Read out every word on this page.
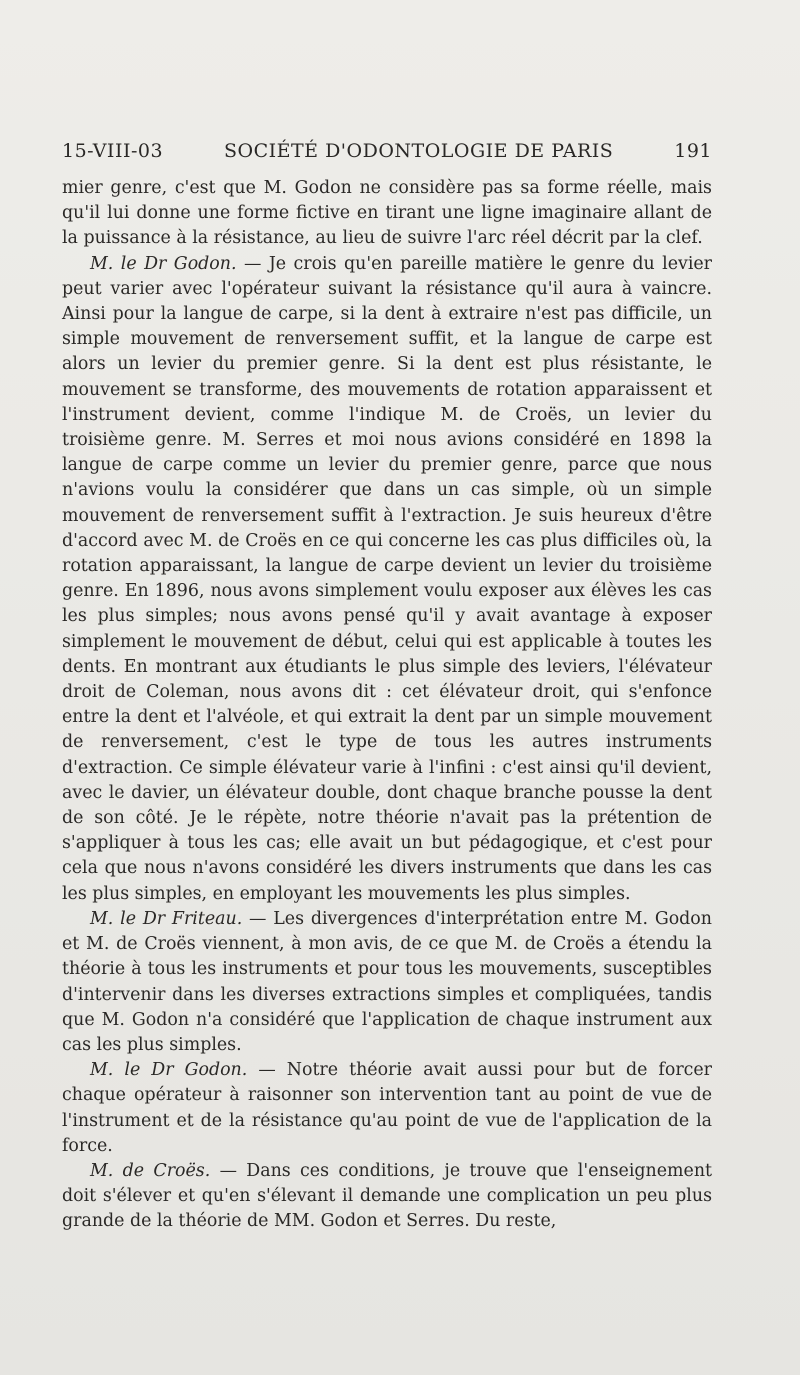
15-VIII-03	SOCIÉTÉ D'ODONTOLOGIE DE PARIS	191

mier genre, c'est que M. Godon ne considère pas sa forme réelle, mais qu'il lui donne une forme fictive en tirant une ligne imaginaire allant de la puissance à la résistance, au lieu de suivre l'arc réel décrit par la clef.

M. le Dr Godon. — Je crois qu'en pareille matière le genre du levier peut varier avec l'opérateur suivant la résistance qu'il aura à vaincre. Ainsi pour la langue de carpe, si la dent à extraire n'est pas difficile, un simple mouvement de renversement suffit, et la langue de carpe est alors un levier du premier genre. Si la dent est plus résistante, le mouvement se transforme, des mouvements de rotation apparaissent et l'instrument devient, comme l'indique M. de Croës, un levier du troisième genre. M. Serres et moi nous avions considéré en 1898 la langue de carpe comme un levier du premier genre, parce que nous n'avions voulu la considérer que dans un cas simple, où un simple mouvement de renversement suffit à l'extraction. Je suis heureux d'être d'accord avec M. de Croës en ce qui concerne les cas plus difficiles où, la rotation apparaissant, la langue de carpe devient un levier du troisième genre. En 1896, nous avons simplement voulu exposer aux élèves les cas les plus simples; nous avons pensé qu'il y avait avantage à exposer simplement le mouvement de début, celui qui est applicable à toutes les dents. En montrant aux étudiants le plus simple des leviers, l'élévateur droit de Coleman, nous avons dit : cet élévateur droit, qui s'enfonce entre la dent et l'alvéole, et qui extrait la dent par un simple mouvement de renversement, c'est le type de tous les autres instruments d'extraction. Ce simple élévateur varie à l'infini : c'est ainsi qu'il devient, avec le davier, un élévateur double, dont chaque branche pousse la dent de son côté. Je le répète, notre théorie n'avait pas la prétention de s'appliquer à tous les cas; elle avait un but pédagogique, et c'est pour cela que nous n'avons considéré les divers instruments que dans les cas les plus simples, en employant les mouvements les plus simples.

M. le Dr Friteau. — Les divergences d'interprétation entre M. Godon et M. de Croës viennent, à mon avis, de ce que M. de Croës a étendu la théorie à tous les instruments et pour tous les mouvements, susceptibles d'intervenir dans les diverses extractions simples et compliquées, tandis que M. Godon n'a considéré que l'application de chaque instrument aux cas les plus simples.

M. le Dr Godon. — Notre théorie avait aussi pour but de forcer chaque opérateur à raisonner son intervention tant au point de vue de l'instrument et de la résistance qu'au point de vue de l'application de la force.

M. de Croës. — Dans ces conditions, je trouve que l'enseignement doit s'élever et qu'en s'élevant il demande une complication un peu plus grande de la théorie de MM. Godon et Serres. Du reste,
